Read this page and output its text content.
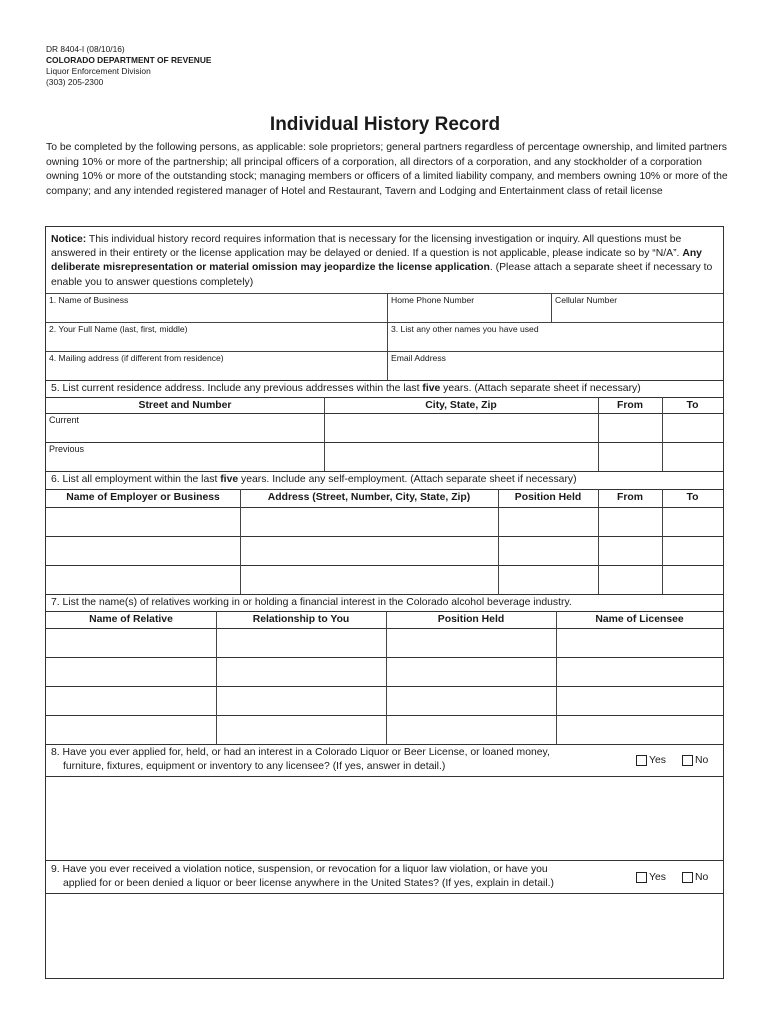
DR 8404-I (08/10/16)
COLORADO DEPARTMENT OF REVENUE
Liquor Enforcement Division
(303) 205-2300
Individual History Record
To be completed by the following persons, as applicable: sole proprietors; general partners regardless of percentage ownership, and limited partners owning 10% or more of the partnership; all principal officers of a corporation, all directors of a corporation, and any stockholder of a corporation owning 10% or more of the outstanding stock; managing members or officers of a limited liability company, and members owning 10% or more of the company; and any intended registered manager of Hotel and Restaurant, Tavern and Lodging and Entertainment class of retail license
Notice: This individual history record requires information that is necessary for the licensing investigation or inquiry. All questions must be answered in their entirety or the license application may be delayed or denied. If a question is not applicable, please indicate so by “N/A”. Any deliberate misrepresentation or material omission may jeopardize the license application. (Please attach a separate sheet if necessary to enable you to answer questions completely)
1. Name of Business	Home Phone Number	Cellular Number
2. Your Full Name (last, first, middle)	3. List any other names you have used
4. Mailing address (if different from residence)	Email Address
5. List current residence address. Include any previous addresses within the last five years. (Attach separate sheet if necessary)
Street and Number	City, State, Zip	From	To
Current
Previous
6. List all employment within the last five years. Include any self-employment. (Attach separate sheet if necessary)
Name of Employer or Business	Address (Street, Number, City, State, Zip)	Position Held	From	To
7. List the name(s) of relatives working in or holding a financial interest in the Colorado alcohol beverage industry.
Name of Relative	Relationship to You	Position Held	Name of Licensee
8. Have you ever applied for, held, or had an interest in a Colorado Liquor or Beer License, or loaned money,
furniture, fixtures, equipment or inventory to any licensee? (If yes, answer in detail.)
Yes	No
9. Have you ever received a violation notice, suspension, or revocation for a liquor law violation, or have you
applied for or been denied a liquor or beer license anywhere in the United States? (If yes, explain in detail.)
Yes	No
